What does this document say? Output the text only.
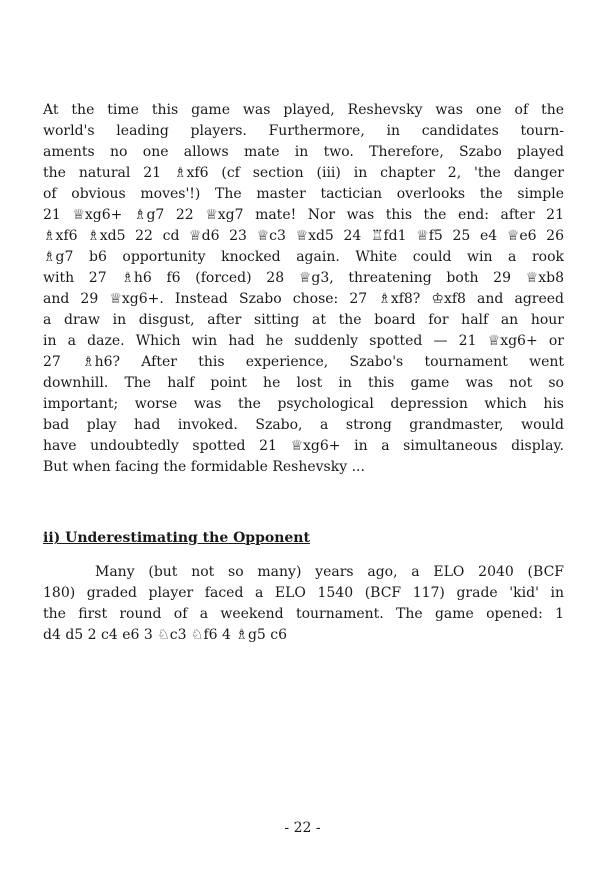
At the time this game was played, Reshevsky was one of the
world's leading players. Furthermore, in candidates tourn-
aments no one allows mate in two. Therefore, Szabo played
the natural 21 ♗xf6 (cf section (iii) in chapter 2, 'the danger
of obvious moves'!) The master tactician overlooks the simple
21 ♕xg6+ ♗g7 22 ♕xg7 mate! Nor was this the end: after 21
♗xf6 ♗xd5 22 cd ♕d6 23 ♕c3 ♕xd5 24 ♖fd1 ♕f5 25 e4 ♕e6 26
♗g7 b6 opportunity knocked again. White could win a rook
with 27 ♗h6 f6 (forced) 28 ♕g3, threatening both 29 ♕xb8
and 29 ♕xg6+. Instead Szabo chose: 27 ♗xf8? ♔xf8 and agreed
a draw in disgust, after sitting at the board for half an hour
in a daze. Which win had he suddenly spotted — 21 ♕xg6+ or
27 ♗h6? After this experience, Szabo's tournament went
downhill. The half point he lost in this game was not so
important; worse was the psychological depression which his
bad play had invoked. Szabo, a strong grandmaster, would
have undoubtedly spotted 21 ♕xg6+ in a simultaneous display.
But when facing the formidable Reshevsky ...
ii) Underestimating the Opponent
Many (but not so many) years ago, a ELO 2040 (BCF
180) graded player faced a ELO 1540 (BCF 117) grade 'kid' in
the first round of a weekend tournament. The game opened: 1
d4 d5 2 c4 e6 3 ♘c3 ♘f6 4 ♗g5 c6
- 22 -
